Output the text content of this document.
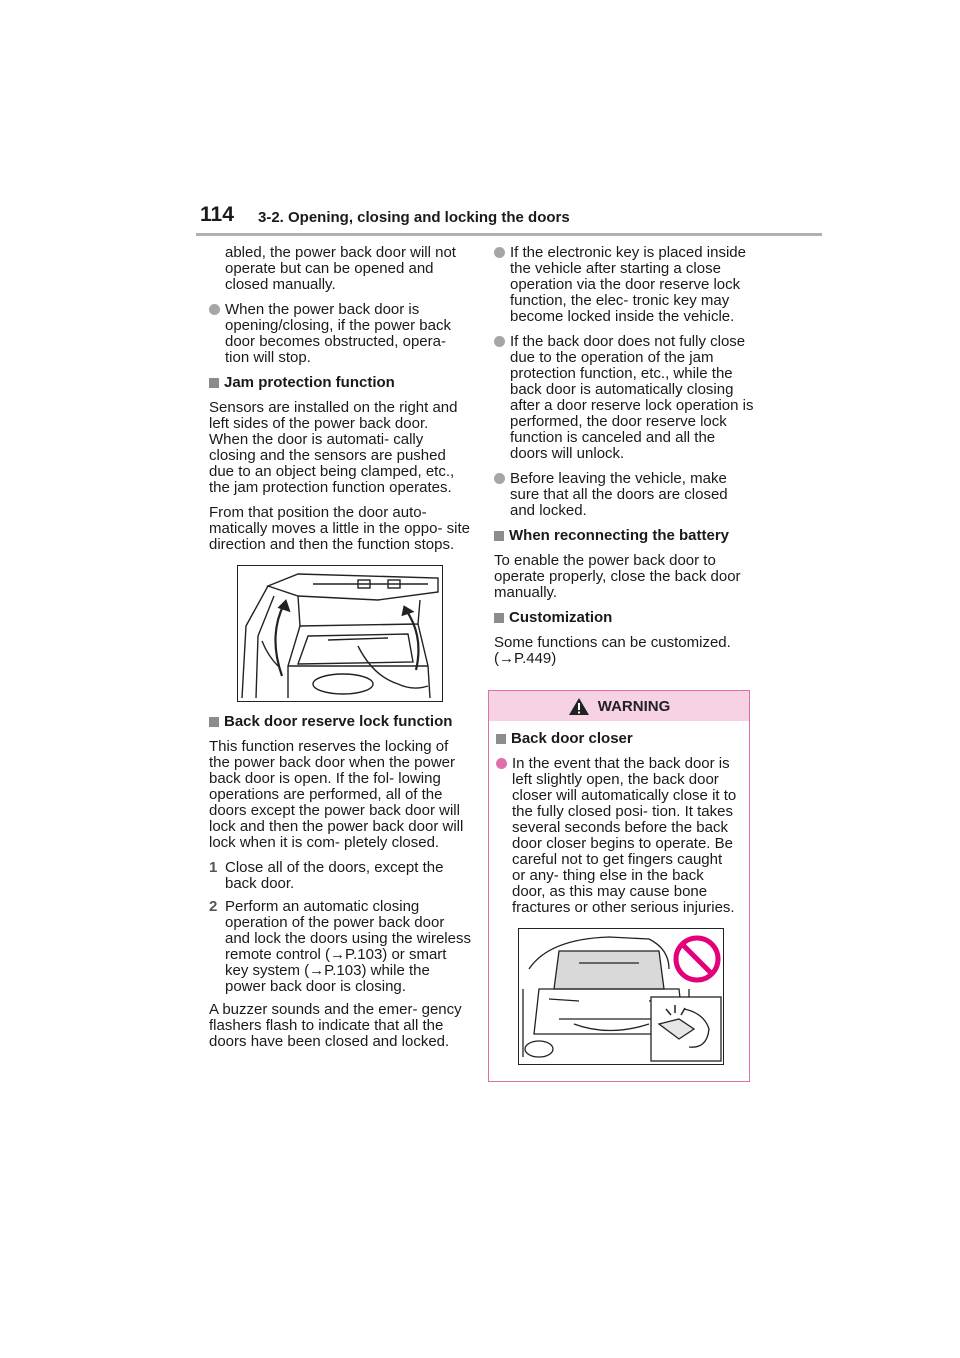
114 3-2. Opening, closing and locking the doors

abled, the power back door will not operate but can be opened and closed manually.

When the power back door is opening/closing, if the power back door becomes obstructed, opera- tion will stop.
Jam protection function

Sensors are installed on the right and left sides of the power back door. When the door is automati- cally closing and the sensors are pushed due to an object being clamped, etc., the jam protection function operates.

From that position the door auto- matically moves a little in the oppo- site direction and then the function stops.

Back door reserve lock function

This function reserves the locking of the power back door when the power back door is open. If the fol- lowing operations are performed, all of the doors except the power back door will lock and then the power back door will lock when it is com- pletely closed.

1 Close all of the doors, except the back door.
2 Perform an automatic closing operation of the power back door and lock the doors using the wireless remote control (→P.103) or smart key system (→P.103) while the power back door is closing.

A buzzer sounds and the emer- gency flashers flash to indicate that all the doors have been closed and locked.

If the electronic key is placed inside the vehicle after starting a close operation via the door reserve lock function, the elec- tronic key may become locked inside the vehicle.
If the back door does not fully close due to the operation of the jam protection function, etc., while the back door is automatically closing after a door reserve lock operation is performed, the door reserve lock function is canceled and all the doors will unlock.
Before leaving the vehicle, make sure that all the doors are closed and locked.
When reconnecting the battery

To enable the power back door to operate properly, close the back door manually.

Customization

Some functions can be customized. (→P.449)

WARNING
Back door closer
In the event that the back door is left slightly open, the back door closer will automatically close it to the fully closed posi- tion. It takes several seconds before the back door closer begins to operate. Be careful not to get fingers caught or any- thing else in the back door, as this may cause bone fractures or other serious injuries.
